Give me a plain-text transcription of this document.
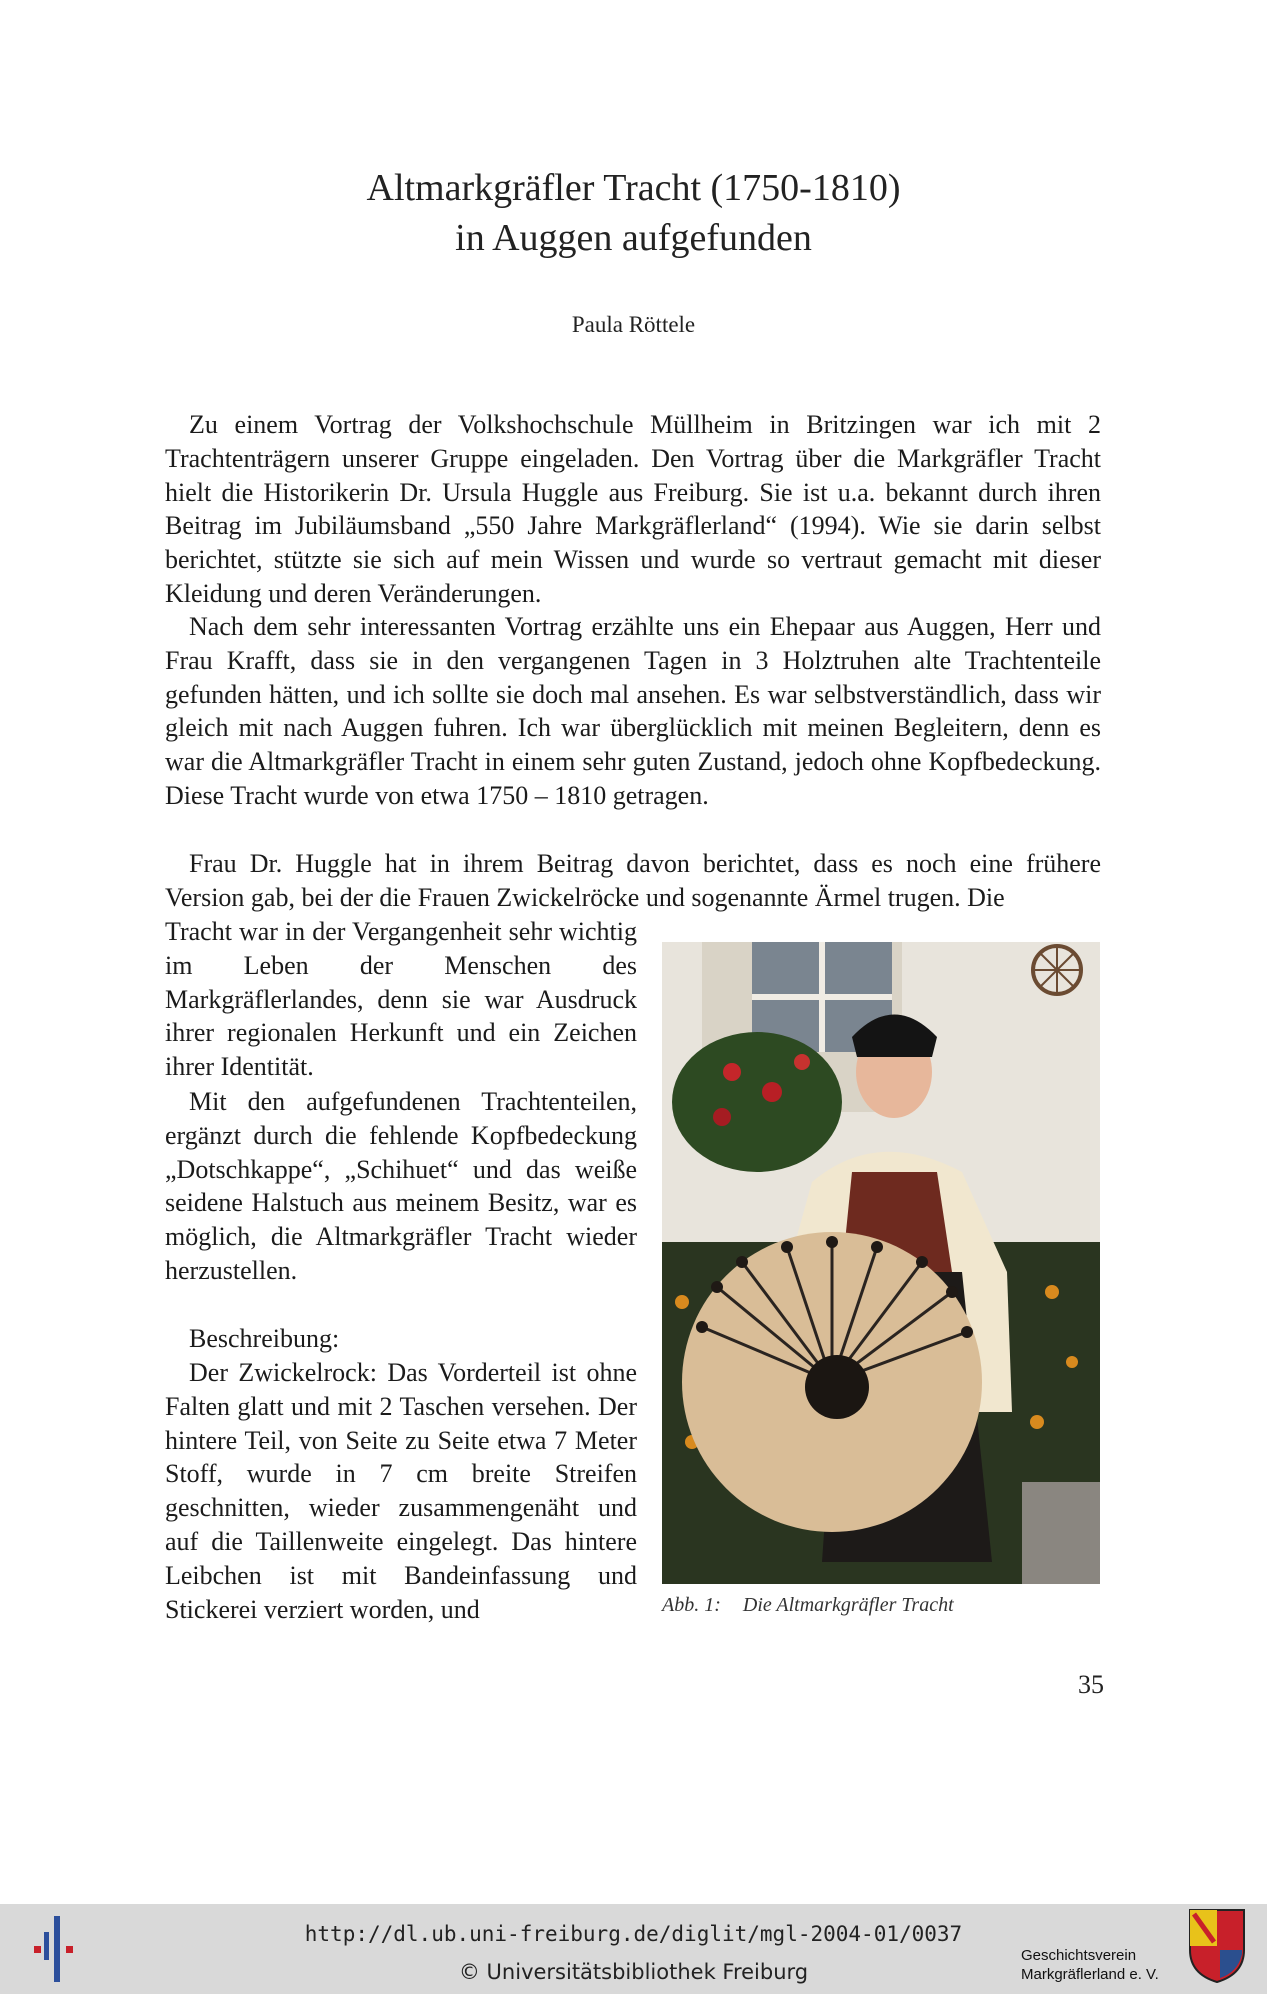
Altmarkgräfler Tracht (1750-1810)
in Auggen aufgefunden
Paula Röttele
Zu einem Vortrag der Volkshochschule Müllheim in Britzingen war ich mit 2 Trachtenträgern unserer Gruppe eingeladen. Den Vortrag über die Markgräfler Tracht hielt die Historikerin Dr. Ursula Huggle aus Freiburg. Sie ist u.a. bekannt durch ihren Beitrag im Jubiläumsband „550 Jahre Markgräflerland“ (1994). Wie sie darin selbst berichtet, stützte sie sich auf mein Wissen und wurde so vertraut gemacht mit dieser Kleidung und deren Veränderungen.
Nach dem sehr interessanten Vortrag erzählte uns ein Ehepaar aus Auggen, Herr und Frau Krafft, dass sie in den vergangenen Tagen in 3 Holztruhen alte Trachtenteile gefunden hätten, und ich sollte sie doch mal ansehen. Es war selbstverständlich, dass wir gleich mit nach Auggen fuhren. Ich war überglücklich mit meinen Begleitern, denn es war die Altmarkgräfler Tracht in einem sehr guten Zustand, jedoch ohne Kopfbedeckung. Diese Tracht wurde von etwa 1750 – 1810 getragen.
Frau Dr. Huggle hat in ihrem Beitrag davon berichtet, dass es noch eine frühere Version gab, bei der die Frauen Zwickelröcke und sogenannte Ärmel trugen. Die
Tracht war in der Vergangenheit sehr wichtig im Leben der Menschen des Markgräflerlandes, denn sie war Ausdruck ihrer regionalen Herkunft und ein Zeichen ihrer Identität.
Mit den aufgefundenen Trachtenteilen, ergänzt durch die fehlende Kopfbedeckung „Dotschkappe“, „Schihuet“ und das weiße seidene Halstuch aus meinem Besitz, war es möglich, die Altmarkgräfler Tracht wieder herzustellen.
Beschreibung:
Der Zwickelrock: Das Vorderteil ist ohne Falten glatt und mit 2 Taschen versehen. Der hintere Teil, von Seite zu Seite etwa 7 Meter Stoff, wurde in 7 cm breite Streifen geschnitten, wieder zusammengenäht und auf die Taillenweite eingelegt. Das hintere Leibchen ist mit Bandeinfassung und Stickerei verziert worden, und	Abb. 1: Die Altmarkgräfler Tracht
35
http://dl.ub.uni-freiburg.de/diglit/mgl-2004-01/0037
© Universitätsbibliothek Freiburg
Geschichtsverein
Markgräflerland e. V.
